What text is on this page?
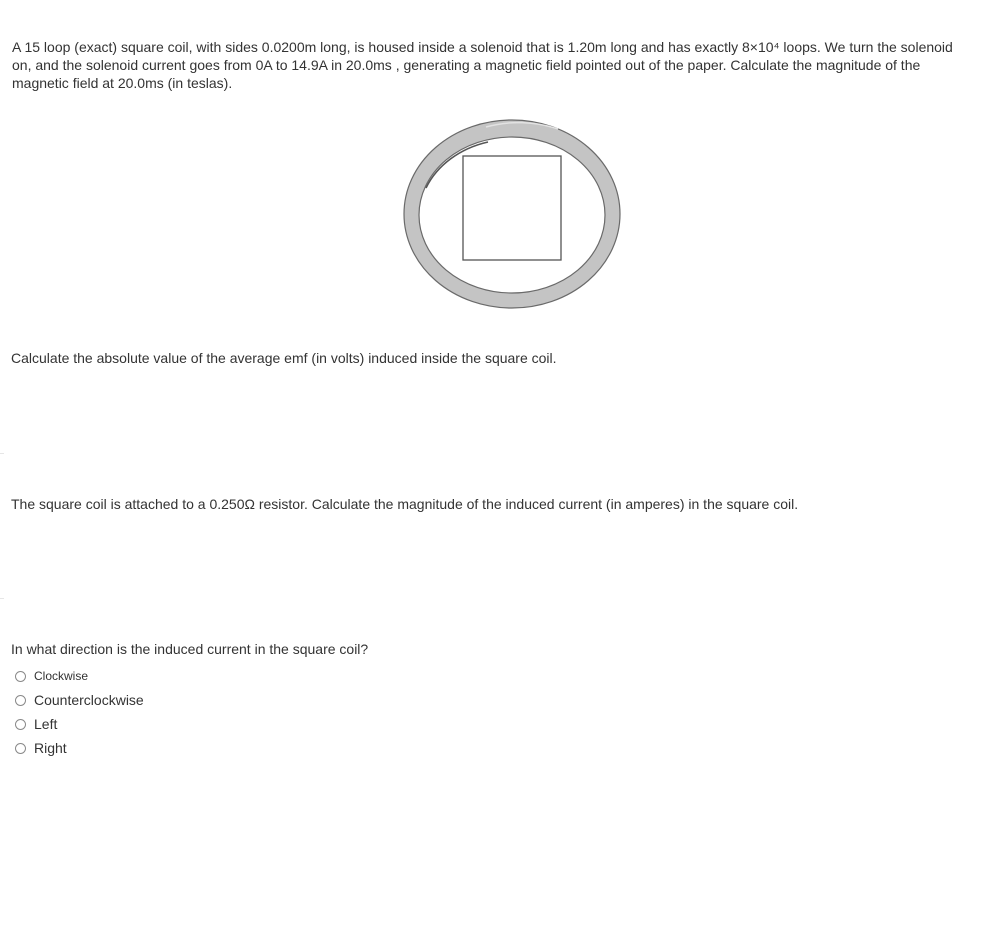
A 15 loop (exact) square coil, with sides 0.0200m long, is housed inside a solenoid that is 1.20m long and has exactly 8×10⁴ loops. We turn the solenoid on, and the solenoid current goes from 0A to 14.9A in 20.0ms , generating a magnetic field pointed out of the paper. Calculate the magnitude of the magnetic field at 20.0ms (in teslas).

Calculate the absolute value of the average emf (in volts) induced inside the square coil.

The square coil is attached to a 0.250Ω resistor. Calculate the magnitude of the induced current (in amperes) in the square coil.

In what direction is the induced current in the square coil?

Clockwise
Counterclockwise
Left
Right
